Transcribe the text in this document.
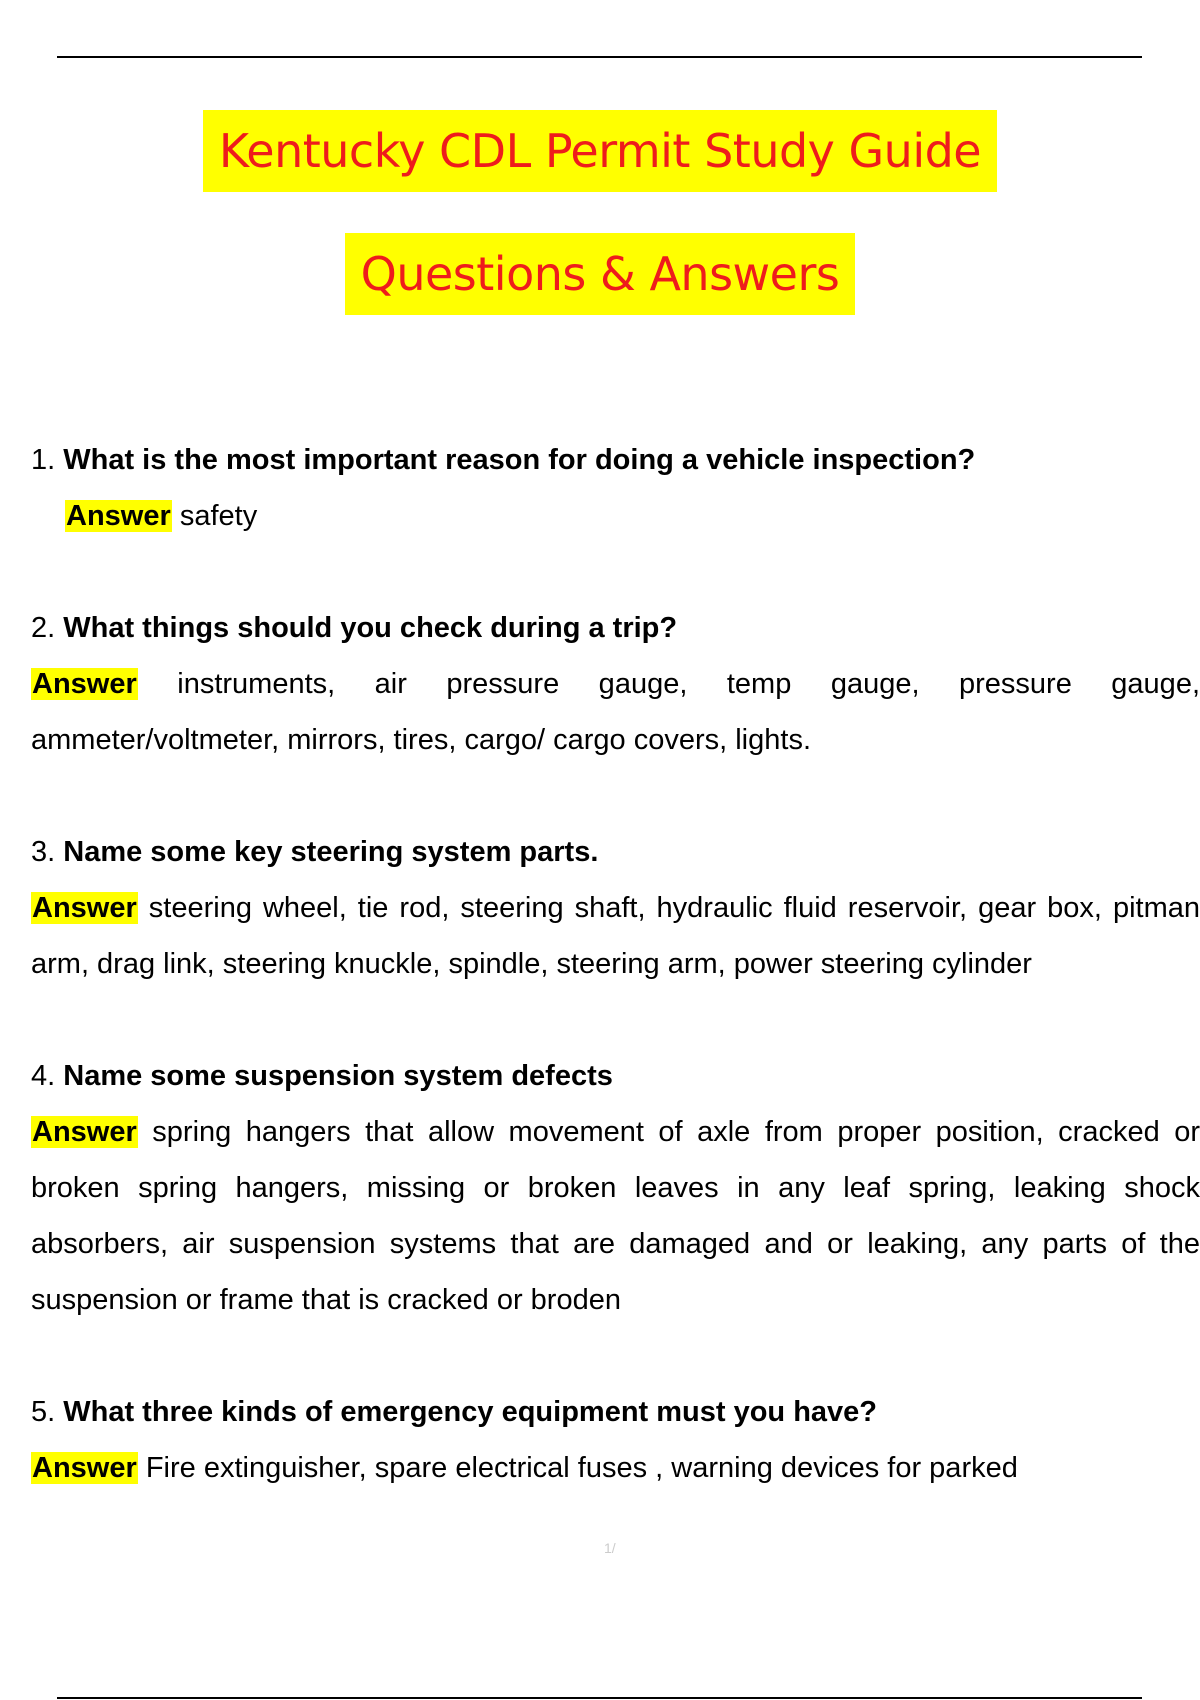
Kentucky CDL Permit Study Guide
Questions & Answers
1. What is the most important reason for doing a vehicle inspection?
Answer safety
2. What things should you check during a trip?
Answer instruments, air pressure gauge, temp gauge, pressure gauge, ammeter/voltmeter, mirrors, tires, cargo/ cargo covers, lights.
3. Name some key steering system parts.
Answer steering wheel, tie rod, steering shaft, hydraulic fluid reservoir, gear box, pitman arm, drag link, steering knuckle, spindle, steering arm, power steering cylinder
4. Name some suspension system defects
Answer spring hangers that allow movement of axle from proper position, cracked or broken spring hangers, missing or broken leaves in any leaf spring, leaking shock absorbers, air suspension systems that are damaged and or leaking, any parts of the suspension or frame that is cracked or broden
5. What three kinds of emergency equipment must you have?
Answer Fire extinguisher, spare electrical fuses , warning devices for parked
1/
